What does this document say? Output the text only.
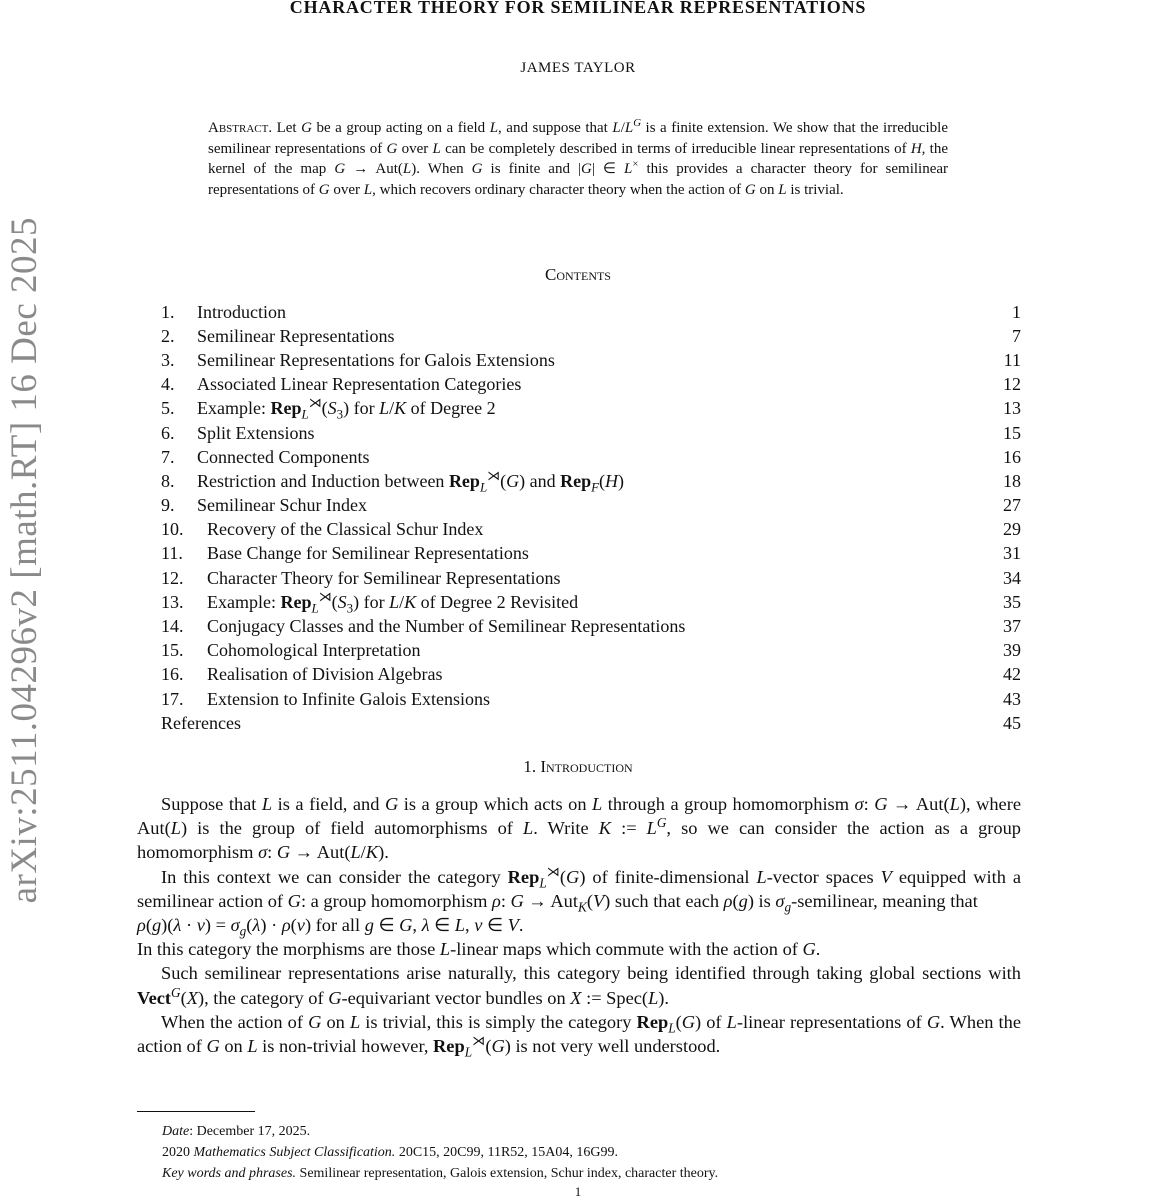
arXiv:2511.04296v2 [math.RT] 16 Dec 2025
CHARACTER THEORY FOR SEMILINEAR REPRESENTATIONS
JAMES TAYLOR
Abstract. Let G be a group acting on a field L, and suppose that $L/L^G$ is a finite extension. We show that the irreducible semilinear representations of G over L can be completely described in terms of irreducible linear representations of H, the kernel of the map G → Aut(L). When G is finite and |G| ∈ L× this provides a character theory for semilinear representations of G over L, which recovers ordinary character theory when the action of G on L is trivial.
Contents
1.	Introduction	1
2.	Semilinear Representations	7
3.	Semilinear Representations for Galois Extensions	11
4.	Associated Linear Representation Categories	12
5.	Example: $Rep_L^⋊(S_3)$ for L/K of Degree 2	13
6.	Split Extensions	15
7.	Connected Components	16
8.	Restriction and Induction between Rep$_L$⋊(G) and Rep$_F$(H)	18
9.	Semilinear Schur Index	27
10.	Recovery of the Classical Schur Index	29
11.	Base Change for Semilinear Representations	31
12.	Character Theory for Semilinear Representations	34
13.	Example: $Rep_L^⋊(S_3)$ for L/K of Degree 2 Revisited	35
14.	Conjugacy Classes and the Number of Semilinear Representations	37
15.	Cohomological Interpretation	39
16.	Realisation of Division Algebras	42
17.	Extension to Infinite Galois Extensions	43
References	45
1. Introduction

Suppose that L is a field, and G is a group which acts on L through a group homomorphism σ: G → Aut(L), where Aut(L) is the group of field automorphisms of L. Write K := $L^G$, so we can consider the action as a group homomorphism σ: G → Aut(L/K).

In this context we can consider the category Rep$_L$⋊(G) of finite-dimensional L-vector spaces V equipped with a semilinear action of G: a group homomorphism ρ: G → Aut$_K$(V) such that each ρ(g) is $\sigma_g$-semilinear, meaning that

$\rho(g)(\lambda \cdot v) = \sigma_g(\lambda) \cdot \rho(v)$ for all g ∈ G, λ ∈ L, v ∈ V.

In this category the morphisms are those L-linear maps which commute with the action of G.

Such semilinear representations arise naturally, this category being identified through taking global sections with Vect$^G$(X), the category of G-equivariant vector bundles on X := Spec(L).

When the action of G on L is trivial, this is simply the category Rep$_L$(G) of L-linear representations of G. When the action of G on L is non-trivial however, Rep$_L$⋊(G) is not very well understood.

Date: December 17, 2025.
2020 Mathematics Subject Classification. 20C15, 20C99, 11R52, 15A04, 16G99.
Key words and phrases. Semilinear representation, Galois extension, Schur index, character theory.
1
